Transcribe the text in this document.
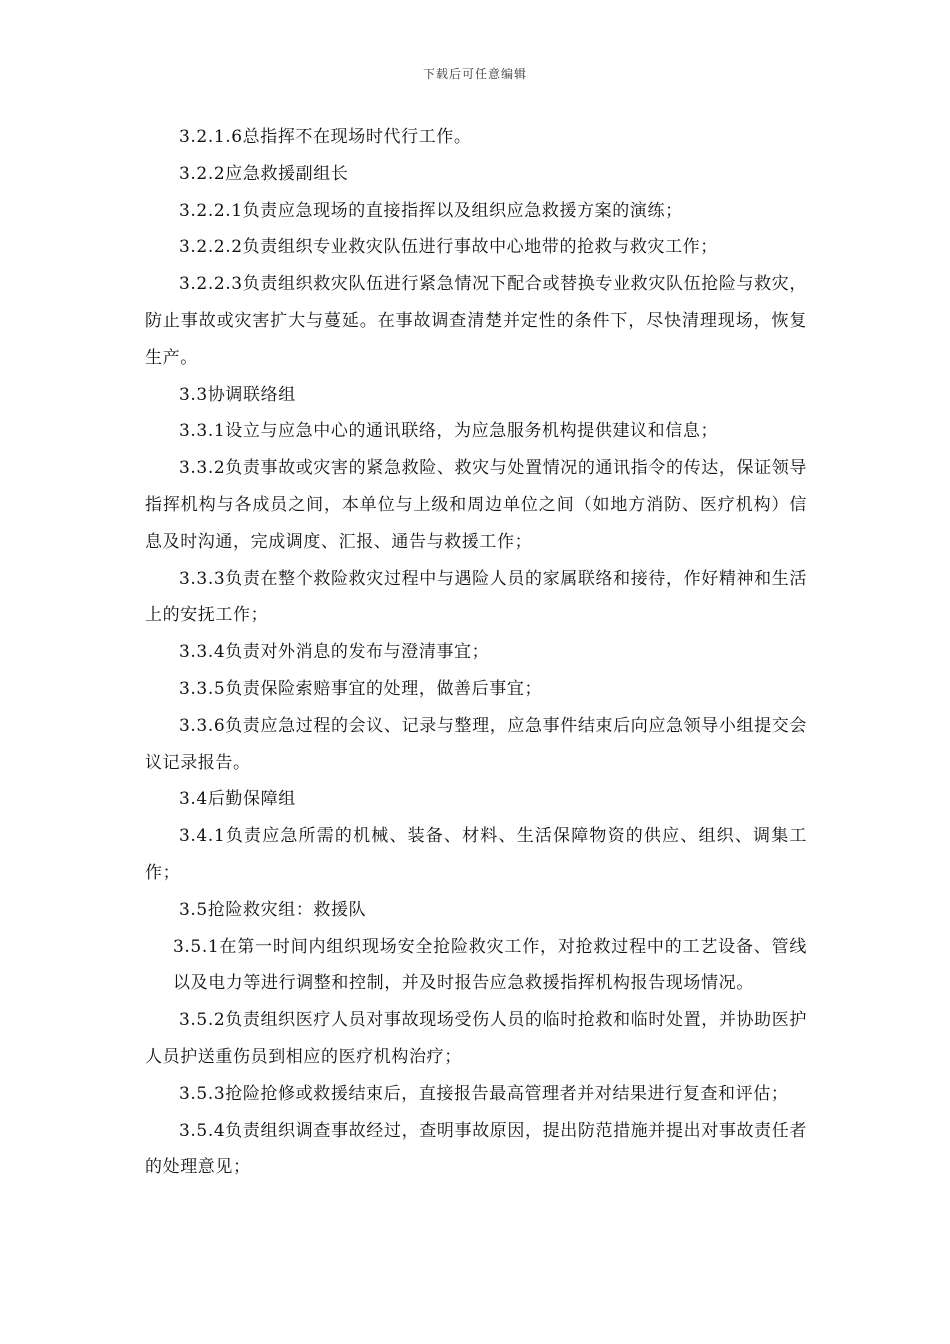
下载后可任意编辑

3.2.1.6总指挥不在现场时代行工作。

3.2.2应急救援副组长

3.2.2.1负责应急现场的直接指挥以及组织应急救援方案的演练；

3.2.2.2负责组织专业救灾队伍进行事故中心地带的抢救与救灾工作；

3.2.2.3负责组织救灾队伍进行紧急情况下配合或替换专业救灾队伍抢险与救灾，防止事故或灾害扩大与蔓延。在事故调查清楚并定性的条件下，尽快清理现场，恢复生产。

3.3协调联络组

3.3.1设立与应急中心的通讯联络，为应急服务机构提供建议和信息；

3.3.2负责事故或灾害的紧急救险、救灾与处置情况的通讯指令的传达，保证领导指挥机构与各成员之间，本单位与上级和周边单位之间（如地方消防、医疗机构）信息及时沟通，完成调度、汇报、通告与救援工作；

3.3.3负责在整个救险救灾过程中与遇险人员的家属联络和接待，作好精神和生活上的安抚工作；

3.3.4负责对外消息的发布与澄清事宜；

3.3.5负责保险索赔事宜的处理，做善后事宜；

3.3.6负责应急过程的会议、记录与整理，应急事件结束后向应急领导小组提交会议记录报告。

3.4后勤保障组

3.4.1负责应急所需的机械、装备、材料、生活保障物资的供应、组织、调集工作；

3.5抢险救灾组：救援队

3.5.1在第一时间内组织现场安全抢险救灾工作，对抢救过程中的工艺设备、管线以及电力等进行调整和控制，并及时报告应急救援指挥机构报告现场情况。

3.5.2负责组织医疗人员对事故现场受伤人员的临时抢救和临时处置，并协助医护人员护送重伤员到相应的医疗机构治疗；

3.5.3抢险抢修或救援结束后，直接报告最高管理者并对结果进行复查和评估；

3.5.4负责组织调查事故经过，查明事故原因，提出防范措施并提出对事故责任者的处理意见；
